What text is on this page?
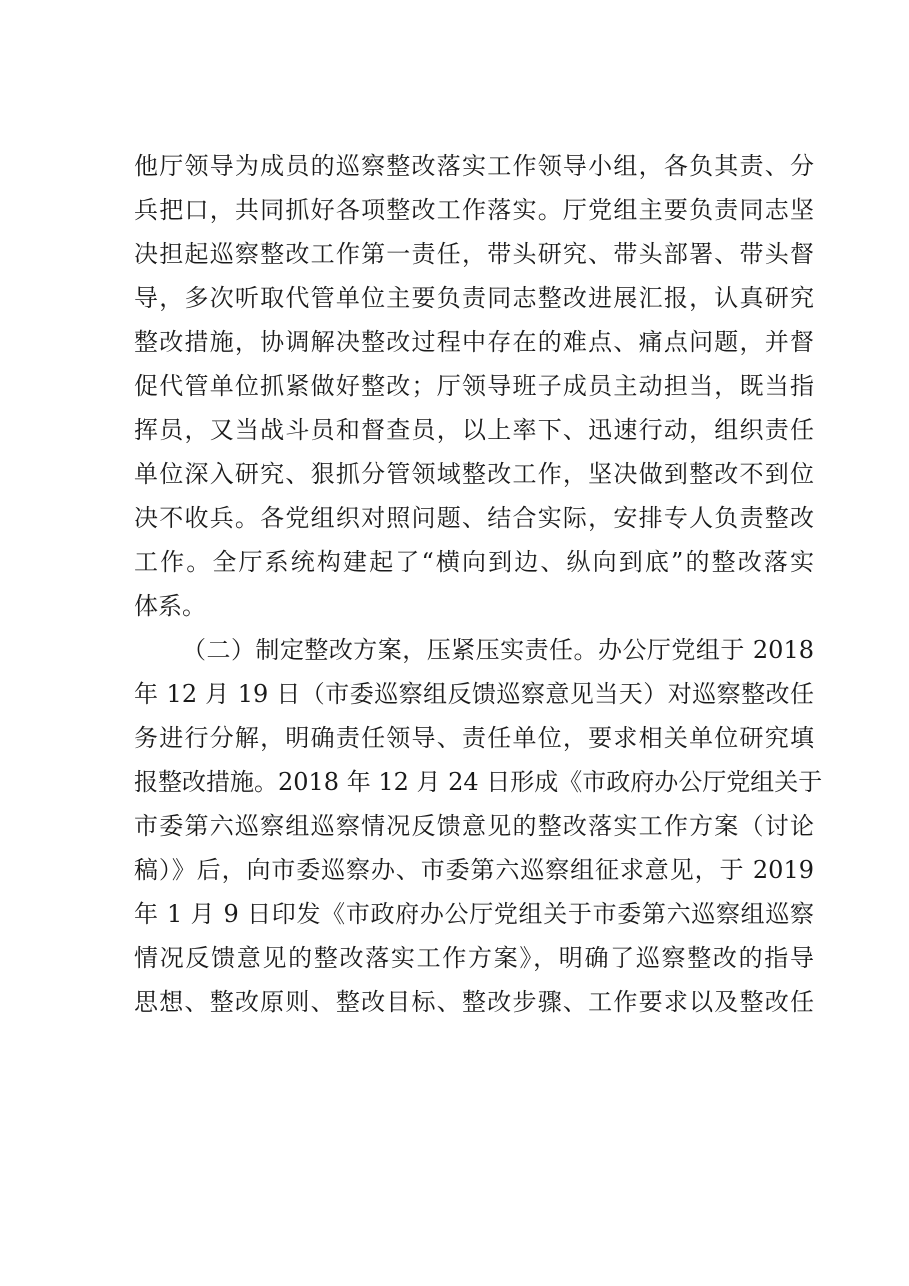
他厅领导为成员的巡察整改落实工作领导小组，各负其责、分
兵把口，共同抓好各项整改工作落实。厅党组主要负责同志坚
决担起巡察整改工作第一责任，带头研究、带头部署、带头督
导，多次听取代管单位主要负责同志整改进展汇报，认真研究
整改措施，协调解决整改过程中存在的难点、痛点问题，并督
促代管单位抓紧做好整改；厅领导班子成员主动担当，既当指
挥员，又当战斗员和督查员，以上率下、迅速行动，组织责任
单位深入研究、狠抓分管领域整改工作，坚决做到整改不到位
决不收兵。各党组织对照问题、结合实际，安排专人负责整改
工作。全厅系统构建起了“横向到边、纵向到底”的整改落实
体系。
（二）制定整改方案，压紧压实责任。办公厅党组于 2018
年 12 月 19 日（市委巡察组反馈巡察意见当天）对巡察整改任
务进行分解，明确责任领导、责任单位，要求相关单位研究填
报整改措施。2018 年 12 月 24 日形成《市政府办公厅党组关于
市委第六巡察组巡察情况反馈意见的整改落实工作方案（讨论
稿）》后，向市委巡察办、市委第六巡察组征求意见，于 2019
年 1 月 9 日印发《市政府办公厅党组关于市委第六巡察组巡察
情况反馈意见的整改落实工作方案》，明确了巡察整改的指导
思想、整改原则、整改目标、整改步骤、工作要求以及整改任
